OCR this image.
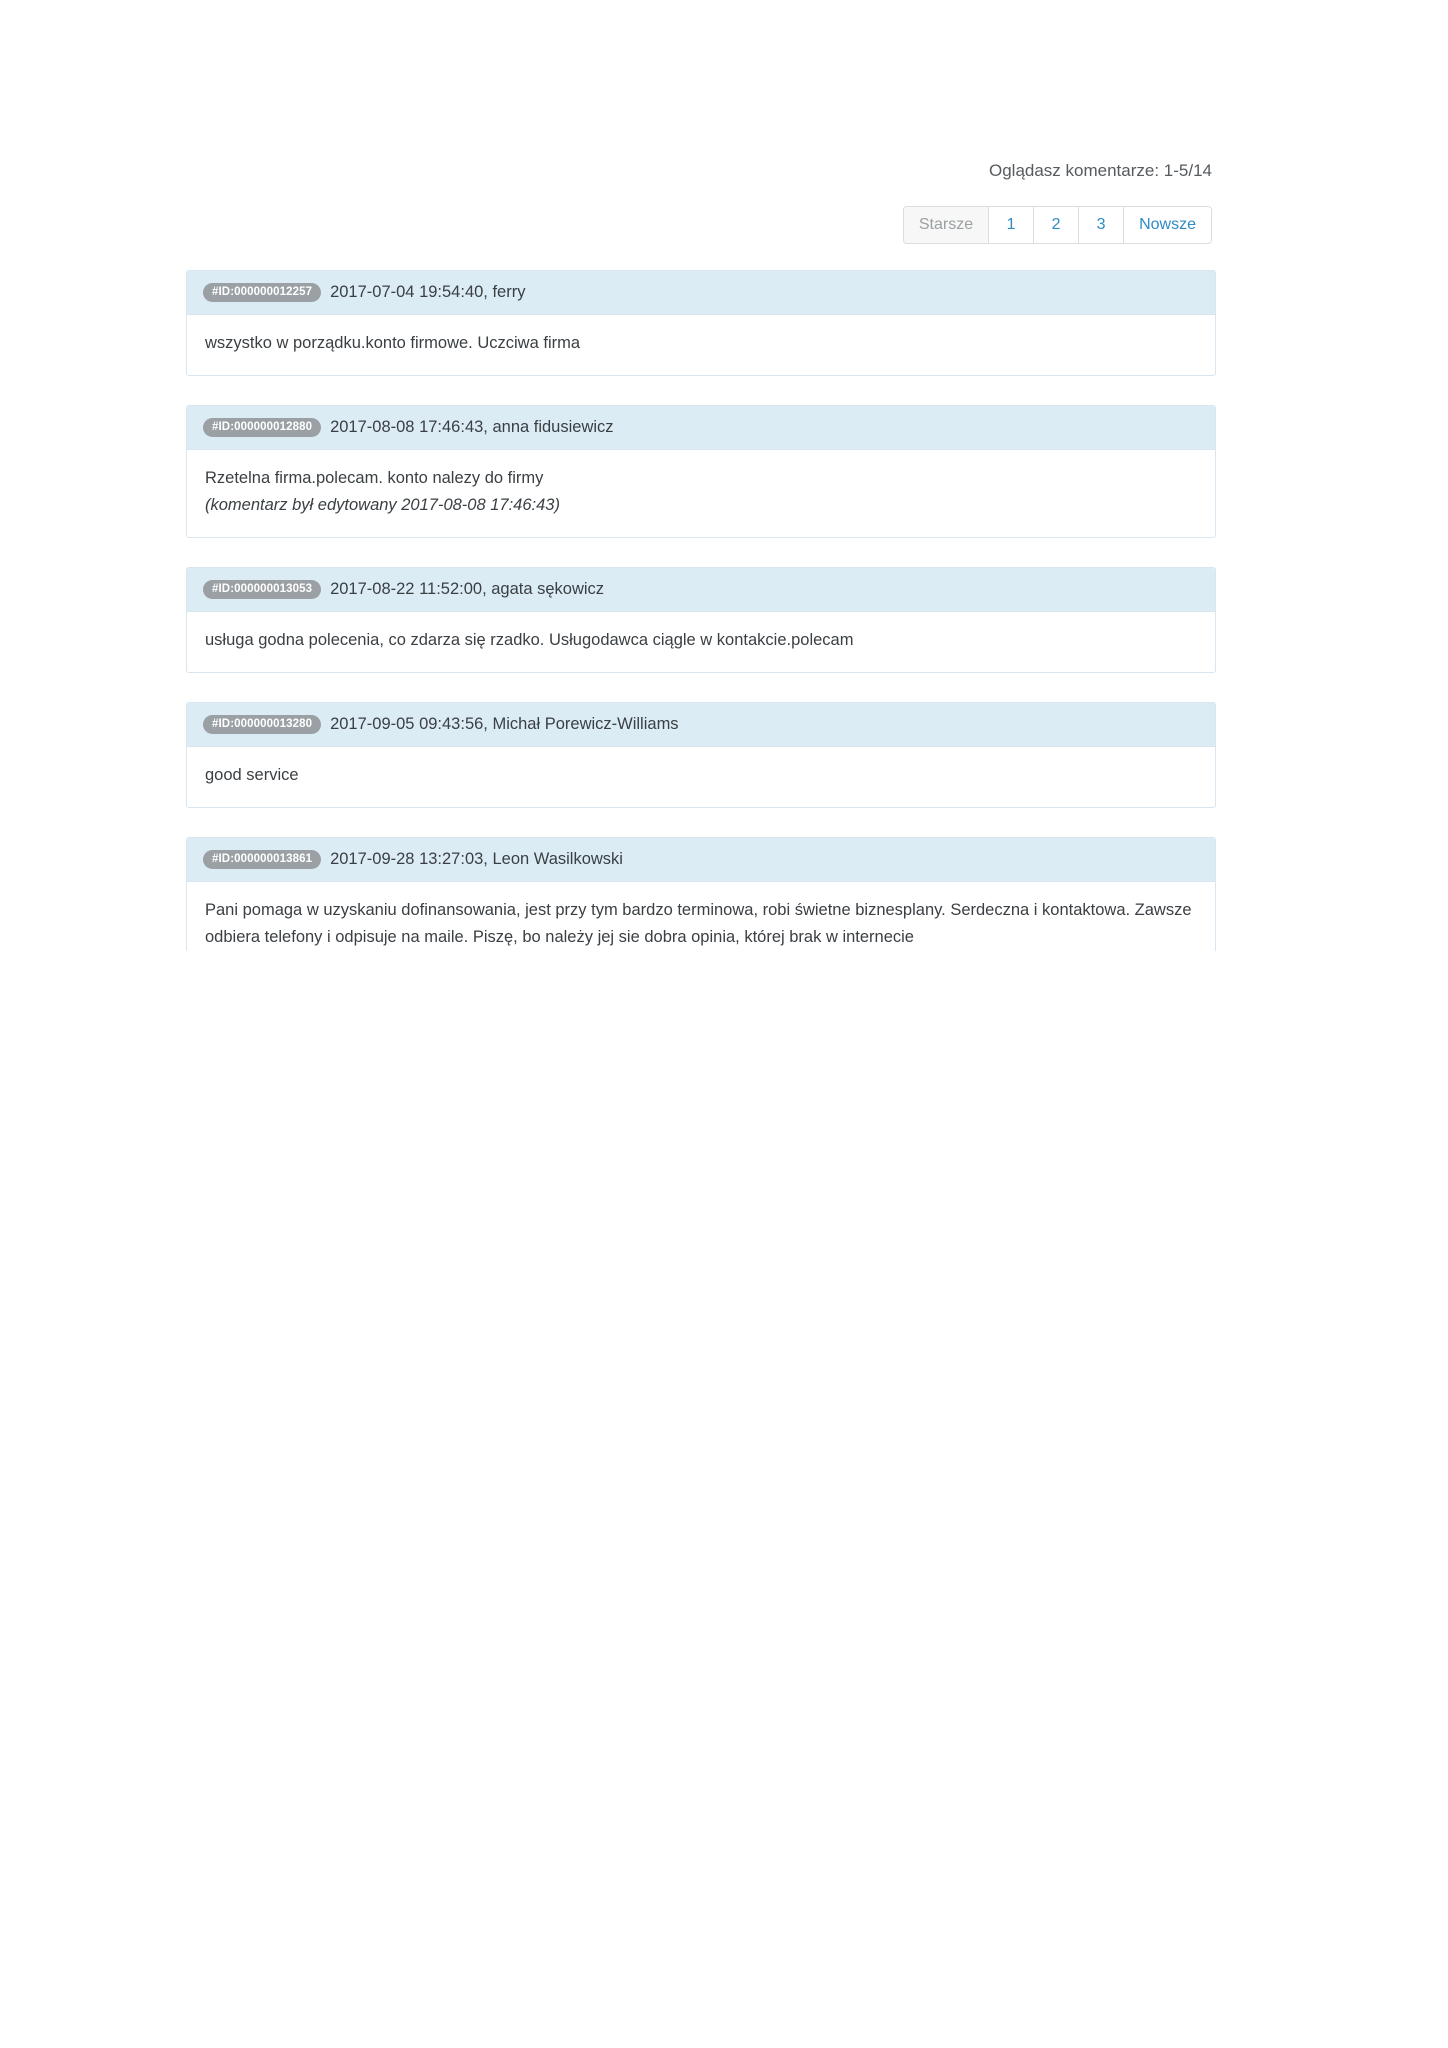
Oglądasz komentarze: 1-5/14
Starsze	1	2	3	Nowsze
#ID:000000012257	2017-07-04 19:54:40, ferry
wszystko w porządku.konto firmowe. Uczciwa firma
#ID:000000012880	2017-08-08 17:46:43, anna fidusiewicz
Rzetelna firma.polecam. konto nalezy do firmy
(komentarz był edytowany 2017-08-08 17:46:43)
#ID:000000013053	2017-08-22 11:52:00, agata sękowicz
usługa godna polecenia, co zdarza się rzadko. Usługodawca ciągle w kontakcie.polecam
#ID:000000013280	2017-09-05 09:43:56, Michał Porewicz-Williams
good service
#ID:000000013861	2017-09-28 13:27:03, Leon Wasilkowski
Pani pomaga w uzyskaniu dofinansowania, jest przy tym bardzo terminowa, robi świetne biznesplany. Serdeczna i kontaktowa. Zawsze odbiera telefony i odpisuje na maile. Piszę, bo należy jej sie dobra opinia, której brak w internecie
